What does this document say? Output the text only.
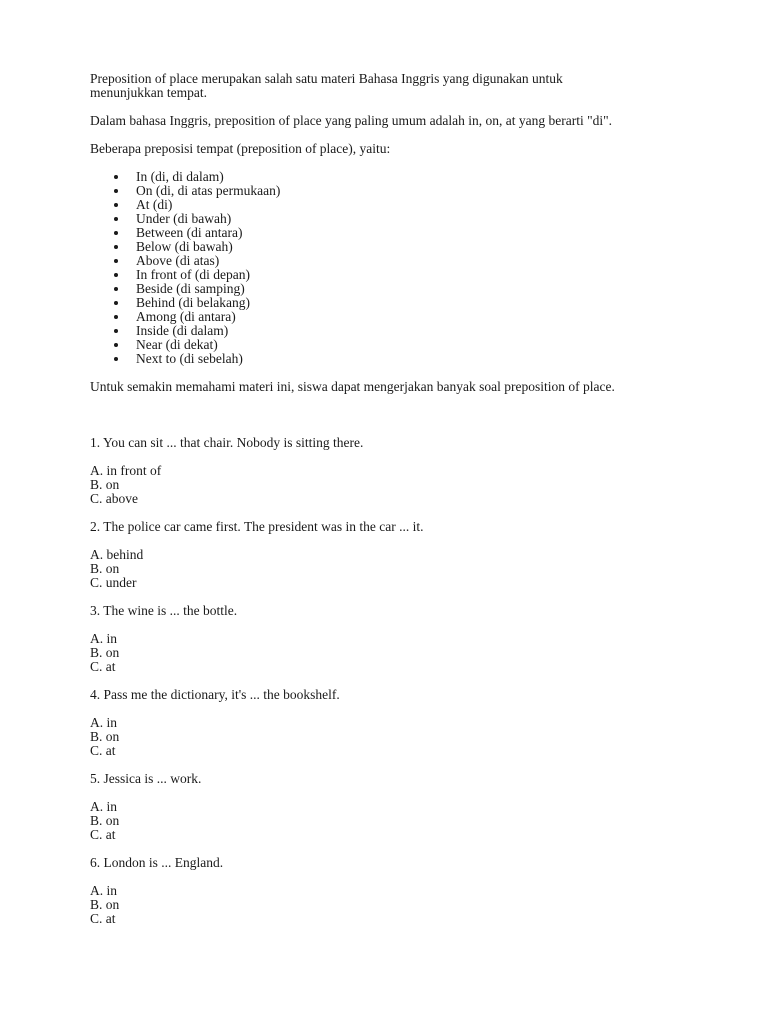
Preposition of place merupakan salah satu materi Bahasa Inggris yang digunakan untuk

menunjukkan tempat.

Dalam bahasa Inggris, preposition of place yang paling umum adalah in, on, at yang berarti "di".

Beberapa preposisi tempat (preposition of place), yaitu:

In (di, di dalam)
On (di, di atas permukaan)
At (di)
Under (di bawah)
Between (di antara)
Below (di bawah)
Above (di atas)
In front of (di depan)
Beside (di samping)
Behind (di belakang)
Among (di antara)
Inside (di dalam)
Near (di dekat)
Next to (di sebelah)

Untuk semakin memahami materi ini, siswa dapat mengerjakan banyak soal preposition of place.

1. You can sit ... that chair. Nobody is sitting there.

A. in front of

B. on

C. above

2. The police car came first. The president was in the car ... it.

A. behind

B. on

C. under

3. The wine is ... the bottle.

A. in

B. on

C. at

4. Pass me the dictionary, it's ... the bookshelf.

A. in

B. on

C. at

5. Jessica is ... work.

A. in

B. on

C. at

6. London is ... England.

A. in

B. on

C. at
